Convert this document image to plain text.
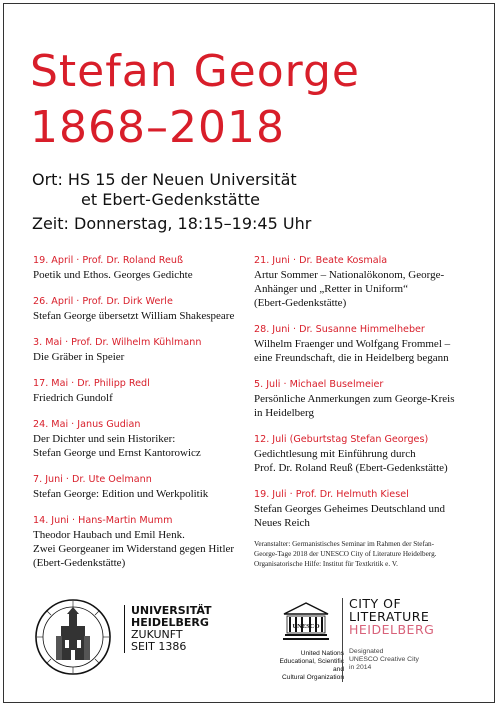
Stefan George
1868–2018
Ort: HS 15 der Neuen Universität
et Ebert-Gedenkstätte
Zeit: Donnerstag, 18:15–19:45 Uhr
19. April · Prof. Dr. Roland Reuß
Poetik und Ethos. Georges Gedichte
26. April · Prof. Dr. Dirk Werle
Stefan George übersetzt William Shakespeare
3. Mai · Prof. Dr. Wilhelm Kühlmann
Die Gräber in Speier
17. Mai · Dr. Philipp Redl
Friedrich Gundolf
24. Mai · Janus Gudian
Der Dichter und sein Historiker:
Stefan George und Ernst Kantorowicz
7. Juni · Dr. Ute Oelmann
Stefan George: Edition und Werkpolitik
14. Juni · Hans-Martin Mumm
Theodor Haubach und Emil Henk.
Zwei Georgeaner im Widerstand gegen Hitler
(Ebert-Gedenkstätte)
21. Juni · Dr. Beate Kosmala
Artur Sommer – Nationalökonom, George-
Anhänger und „Retter in Uniform“
(Ebert-Gedenkstätte)
28. Juni · Dr. Susanne Himmelheber
Wilhelm Fraenger und Wolfgang Frommel –
eine Freundschaft, die in Heidelberg begann
5. Juli · Michael Buselmeier
Persönliche Anmerkungen zum George-Kreis
in Heidelberg
12. Juli (Geburtstag Stefan Georges)
Gedichtlesung mit Einführung durch
Prof. Dr. Roland Reuß (Ebert-Gedenkstätte)
19. Juli · Prof. Dr. Helmuth Kiesel
Stefan Georges Geheimes Deutschland und
Neues Reich
Veranstalter: Germanistisches Seminar im Rahmen der Stefan-
George-Tage 2018 der UNESCO City of Literature Heidelberg.
Organisatorische Hilfe: Institut für Textkritik e. V.
UNIVERSITÄT
HEIDELBERG
ZUKUNFT
SEIT 1386
UNESCO
United Nations
Educational, Scientific and
Cultural Organization
CITY OF
LITERATURE
HEIDELBERG
Designated
UNESCO Creative City
in 2014
